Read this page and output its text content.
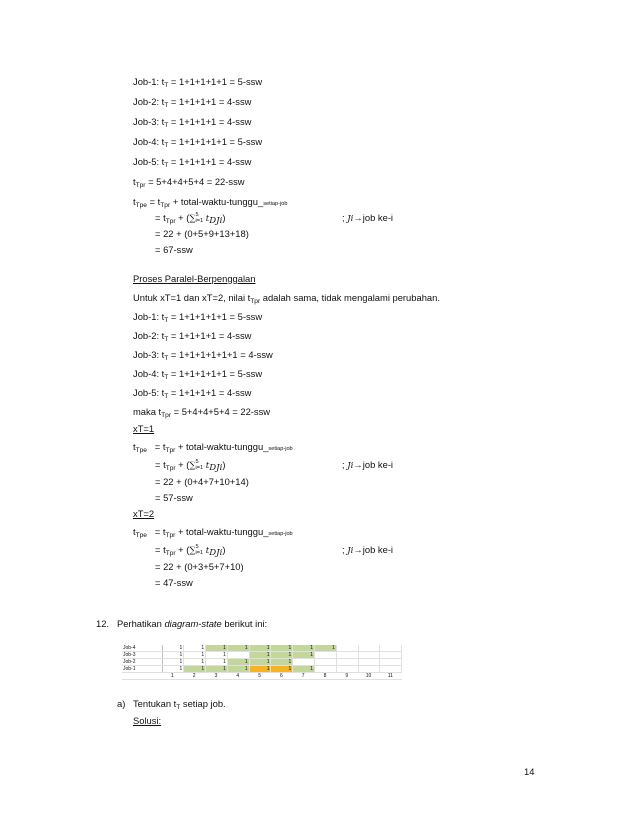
Job-1: $t_T = 1+1+1+1+1 = 5-ssw$
Job-2: $t_T = 1+1+1+1 = 4-ssw$
Job-3: $t_T = 1+1+1+1 = 4-ssw$
Job-4: $t_T = 1+1+1+1+1 = 5-ssw$
Job-5: $t_T = 1+1+1+1 = 4-ssw$
$t_{Tpr} = 5+4+4+5+4 = 22-ssw$
$t_{Tpe} = t_{Tpr}$ + total-waktu-tunggu_setiap-job
= $t_{Tpr} + (\sum 5$
i=1 $t_{DJi}$)	; Ji→job ke-i
= 22 + (0+5+9+13+18)
= 67-ssw
Proses Paralel-Berpenggalan
Untuk xT=1 dan xT=2, nilai $t_{Tpr}$ adalah sama, tidak mengalami perubahan.
Job-1: $t_T = 1+1+1+1+1 = 5-ssw$
Job-2: $t_T = 1+1+1+1 = 4-ssw$
Job-3: $t_T = 1+1+1+1+1+1 = 4-ssw$
Job-4: $t_T = 1+1+1+1+1 = 5-ssw$
Job-5: $t_T = 1+1+1+1 = 4-ssw$
maka $t_{Tpr} = 5+4+4+5+4 = 22-ssw$
xT=1
$t_{Tpe} = t_{Tpr}$ + total-waktu-tunggu_setiap-job
= $t_{Tpr} + (\sum 5$
i=1 $t_{DJi}$)	; Ji→job ke-i
= 22 + (0+4+7+10+14)
= 57-ssw
xT=2
$t_{Tpe} = t_{Tpr}$ + total-waktu-tunggu_setiap-job
= $t_{Tpr} + (\sum 5$
i=1 $t_{DJi}$)	; Ji→job ke-i
= 22 + (0+3+5+7+10)
= 47-ssw
12. Perhatikan diagram-state berikut ini:
Job-4	1	1	1	1	1	1	1	1			
Job-3	1	1	1		1	1	1				
Job-2	1	1	1	1	1	1					
Job-1	1	1	1	1	1	1	1				
	1	2	3	4	5	6	7	8	9	10	11
a) Tentukan $t_T$ setiap job.
Solusi:
14
